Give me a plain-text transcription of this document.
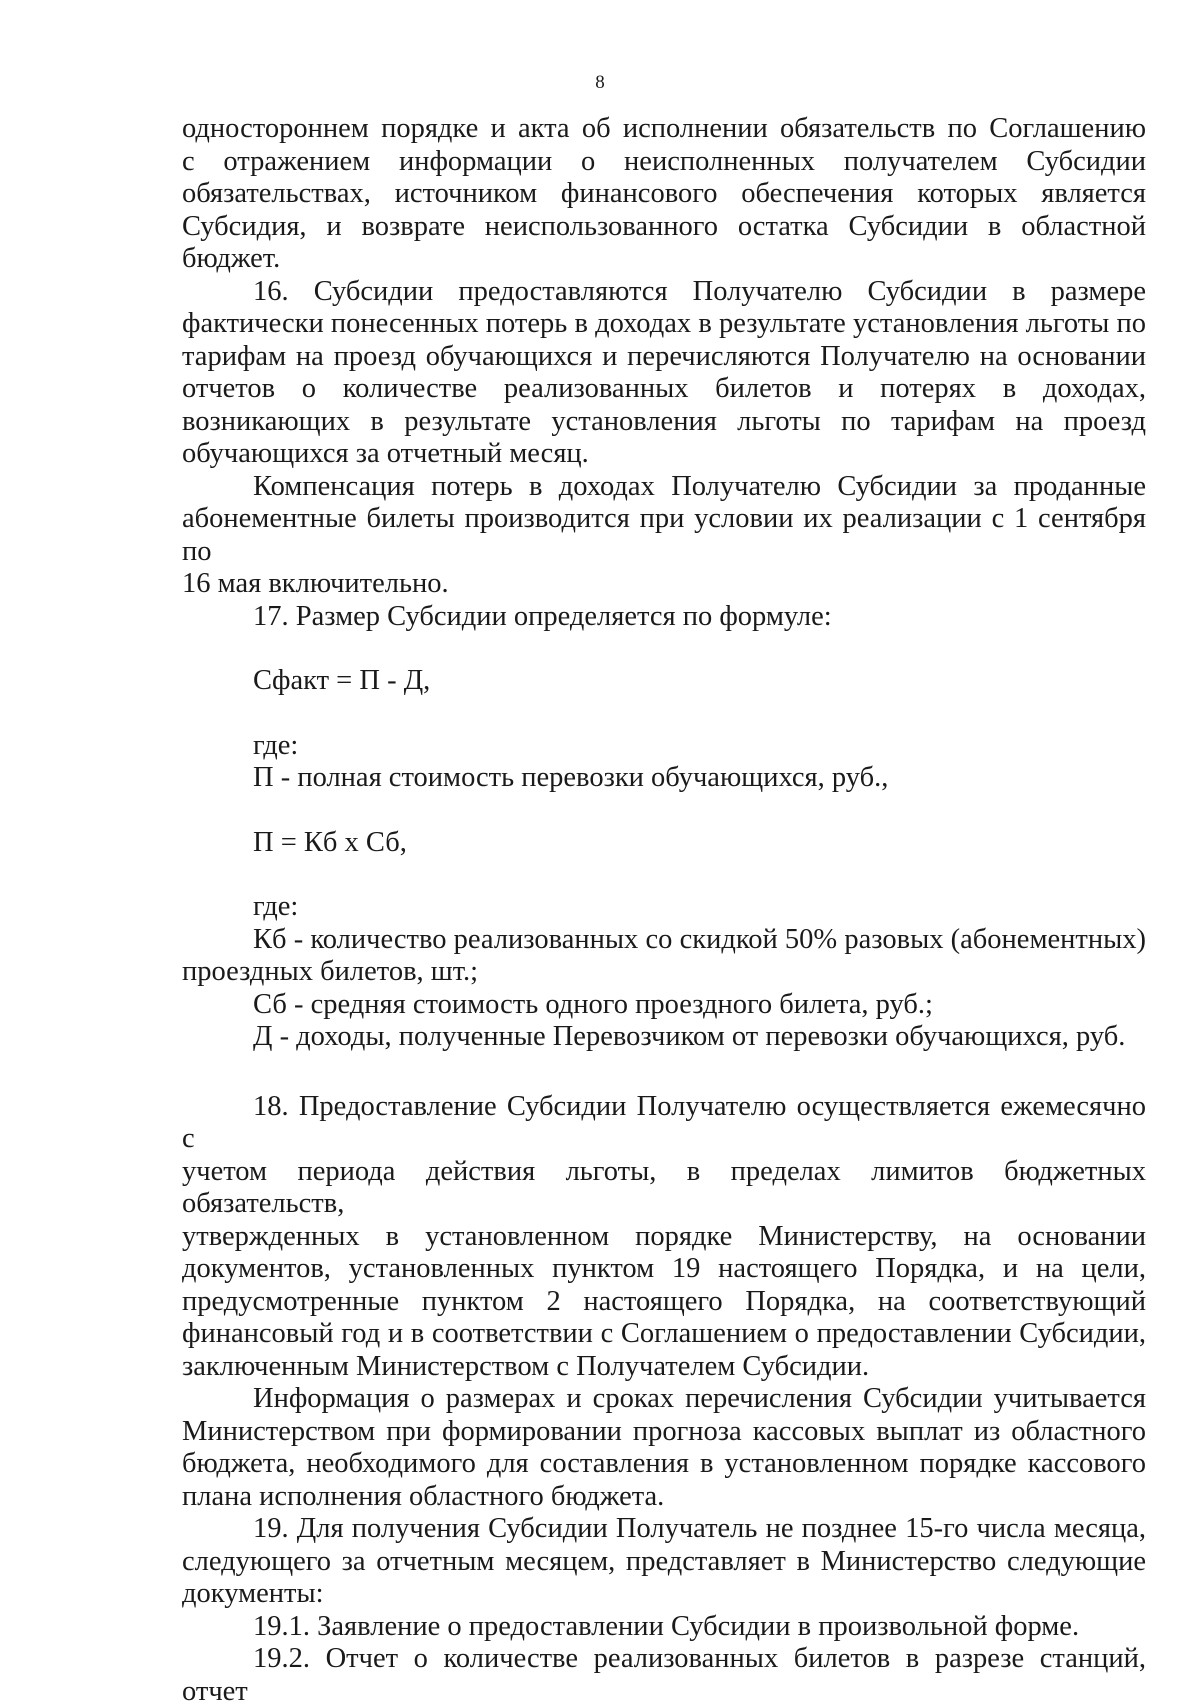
8

одностороннем порядке и акта об исполнении обязательств по Соглашению

с отражением информации о неисполненных получателем Субсидии

обязательствах, источником финансового обеспечения которых является

Субсидия, и возврате неиспользованного остатка Субсидии в областной

бюджет.

16. Субсидии предоставляются Получателю Субсидии в размере

фактически понесенных потерь в доходах в результате установления льготы по

тарифам на проезд обучающихся и перечисляются Получателю на основании

отчетов о количестве реализованных билетов и потерях в доходах,

возникающих в результате установления льготы по тарифам на проезд

обучающихся за отчетный месяц.

Компенсация потерь в доходах Получателю Субсидии за проданные

абонементные билеты производится при условии их реализации с 1 сентября по

16 мая включительно.

17. Размер Субсидии определяется по формуле:

Сфакт = П - Д,

где:

П - полная стоимость перевозки обучающихся, руб.,

П = Кб х Сб,

где:

Кб - количество реализованных со скидкой 50% разовых (абонементных)

проездных билетов, шт.;

Сб - средняя стоимость одного проездного билета, руб.;

Д - доходы, полученные Перевозчиком от перевозки обучающихся, руб.

18. Предоставление Субсидии Получателю осуществляется ежемесячно с

учетом периода действия льготы, в пределах лимитов бюджетных обязательств,

утвержденных в установленном порядке Министерству, на основании

документов, установленных пунктом 19 настоящего Порядка, и на цели,

предусмотренные пунктом 2 настоящего Порядка, на соответствующий

финансовый год и в соответствии с Соглашением о предоставлении Субсидии,

заключенным Министерством с Получателем Субсидии.

Информация о размерах и сроках перечисления Субсидии учитывается

Министерством при формировании прогноза кассовых выплат из областного

бюджета, необходимого для составления в установленном порядке кассового

плана исполнения областного бюджета.

19. Для получения Субсидии Получатель не позднее 15-го числа месяца,

следующего за отчетным месяцем, представляет в Министерство следующие

документы:

19.1. Заявление о предоставлении Субсидии в произвольной форме.

19.2. Отчет о количестве реализованных билетов в разрезе станций, отчет
